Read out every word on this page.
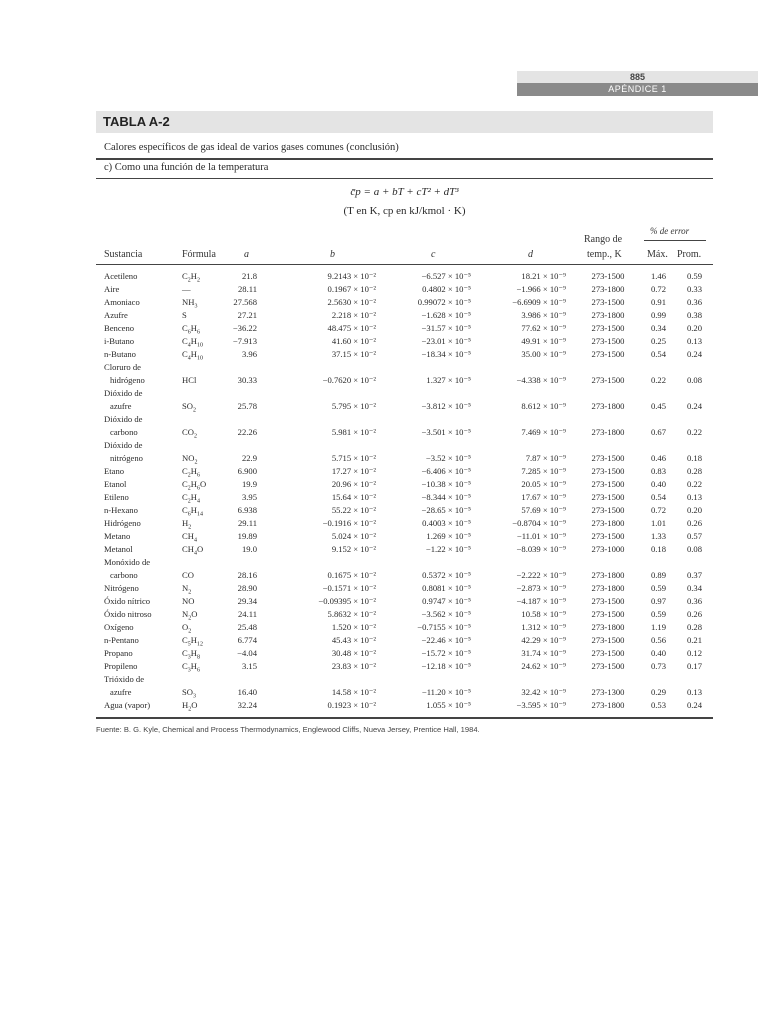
885
APÉNDICE 1
TABLA A-2
Calores específicos de gas ideal de varios gases comunes (conclusión)
c) Como una función de la temperatura
c̄p = a + bT + cT² + dT³
(T en K, cp en kJ/kmol · K)
Sustancia	Fórmula	a	b	c	d
Rango de
temp., K
% de error
Máx. Prom.
Acetileno	$C_2H_2$	21.8	9.2143 × 10⁻²	−6.527 × 10⁻⁵	18.21 × 10⁻⁹	273-1500	1.46	0.59
Aire	—	28.11	0.1967 × 10⁻²	0.4802 × 10⁻⁵	−1.966 × 10⁻⁹	273-1800	0.72	0.33
Amoniaco	$NH_3$	27.568	2.5630 × 10⁻²	0.99072 × 10⁻⁵	−6.6909 × 10⁻⁹	273-1500	0.91	0.36
Azufre	S	27.21	2.218 × 10⁻²	−1.628 × 10⁻⁵	3.986 × 10⁻⁹	273-1800	0.99	0.38
Benceno	$C_6H_6$	−36.22	48.475 × 10⁻²	−31.57 × 10⁻⁵	77.62 × 10⁻⁹	273-1500	0.34	0.20
i-Butano	$C_4H_{10}$	−7.913	41.60 × 10⁻²	−23.01 × 10⁻⁵	49.91 × 10⁻⁹	273-1500	0.25	0.13
n-Butano	$C_4H_{10}$	3.96	37.15 × 10⁻²	−18.34 × 10⁻⁵	35.00 × 10⁻⁹	273-1500	0.54	0.24
Cloruro de
hidrógeno	HCl	30.33	−0.7620 × 10⁻²	1.327 × 10⁻⁵	−4.338 × 10⁻⁹	273-1500	0.22	0.08
Dióxido de
azufre	$SO_2$	25.78	5.795 × 10⁻²	−3.812 × 10⁻⁵	8.612 × 10⁻⁹	273-1800	0.45	0.24
Dióxido de
carbono	$CO_2$	22.26	5.981 × 10⁻²	−3.501 × 10⁻⁵	7.469 × 10⁻⁹	273-1800	0.67	0.22
Dióxido de
nitrógeno	$NO_2$	22.9	5.715 × 10⁻²	−3.52 × 10⁻⁵	7.87 × 10⁻⁹	273-1500	0.46	0.18
Etano	$C_2H_6$	6.900	17.27 × 10⁻²	−6.406 × 10⁻⁵	7.285 × 10⁻⁹	273-1500	0.83	0.28
Etanol	$C_2H_6O$	19.9	20.96 × 10⁻²	−10.38 × 10⁻⁵	20.05 × 10⁻⁹	273-1500	0.40	0.22
Etileno	$C_2H_4$	3.95	15.64 × 10⁻²	−8.344 × 10⁻⁵	17.67 × 10⁻⁹	273-1500	0.54	0.13
n-Hexano	$C_6H_{14}$	6.938	55.22 × 10⁻²	−28.65 × 10⁻⁵	57.69 × 10⁻⁹	273-1500	0.72	0.20
Hidrógeno	$H_2$	29.11	−0.1916 × 10⁻²	0.4003 × 10⁻⁵	−0.8704 × 10⁻⁹	273-1800	1.01	0.26
Metano	$CH_4$	19.89	5.024 × 10⁻²	1.269 × 10⁻⁵	−11.01 × 10⁻⁹	273-1500	1.33	0.57
Metanol	$CH_4O$	19.0	9.152 × 10⁻²	−1.22 × 10⁻⁵	−8.039 × 10⁻⁹	273-1000	0.18	0.08
Monóxido de
carbono	CO	28.16	0.1675 × 10⁻²	0.5372 × 10⁻⁵	−2.222 × 10⁻⁹	273-1800	0.89	0.37
Nitrógeno	$N_2$	28.90	−0.1571 × 10⁻²	0.8081 × 10⁻⁵	−2.873 × 10⁻⁹	273-1800	0.59	0.34
Óxido nítrico	NO	29.34	−0.09395 × 10⁻²	0.9747 × 10⁻⁵	−4.187 × 10⁻⁹	273-1500	0.97	0.36
Óxido nitroso	$N_2O$	24.11	5.8632 × 10⁻²	−3.562 × 10⁻⁵	10.58 × 10⁻⁹	273-1500	0.59	0.26
Oxígeno	$O_2$	25.48	1.520 × 10⁻²	−0.7155 × 10⁻⁵	1.312 × 10⁻⁹	273-1800	1.19	0.28
n-Pentano	$C_5H_{12}$	6.774	45.43 × 10⁻²	−22.46 × 10⁻⁵	42.29 × 10⁻⁹	273-1500	0.56	0.21
Propano	$C_3H_8$	−4.04	30.48 × 10⁻²	−15.72 × 10⁻⁵	31.74 × 10⁻⁹	273-1500	0.40	0.12
Propileno	$C_3H_6$	3.15	23.83 × 10⁻²	−12.18 × 10⁻⁵	24.62 × 10⁻⁹	273-1500	0.73	0.17
Trióxido de
azufre	$SO_3$	16.40	14.58 × 10⁻²	−11.20 × 10⁻⁵	32.42 × 10⁻⁹	273-1300	0.29	0.13
Agua (vapor)	$H_2O$	32.24	0.1923 × 10⁻²	1.055 × 10⁻⁵	−3.595 × 10⁻⁹	273-1800	0.53	0.24
Fuente: B. G. Kyle, Chemical and Process Thermodynamics, Englewood Cliffs, Nueva Jersey, Prentice Hall, 1984.
